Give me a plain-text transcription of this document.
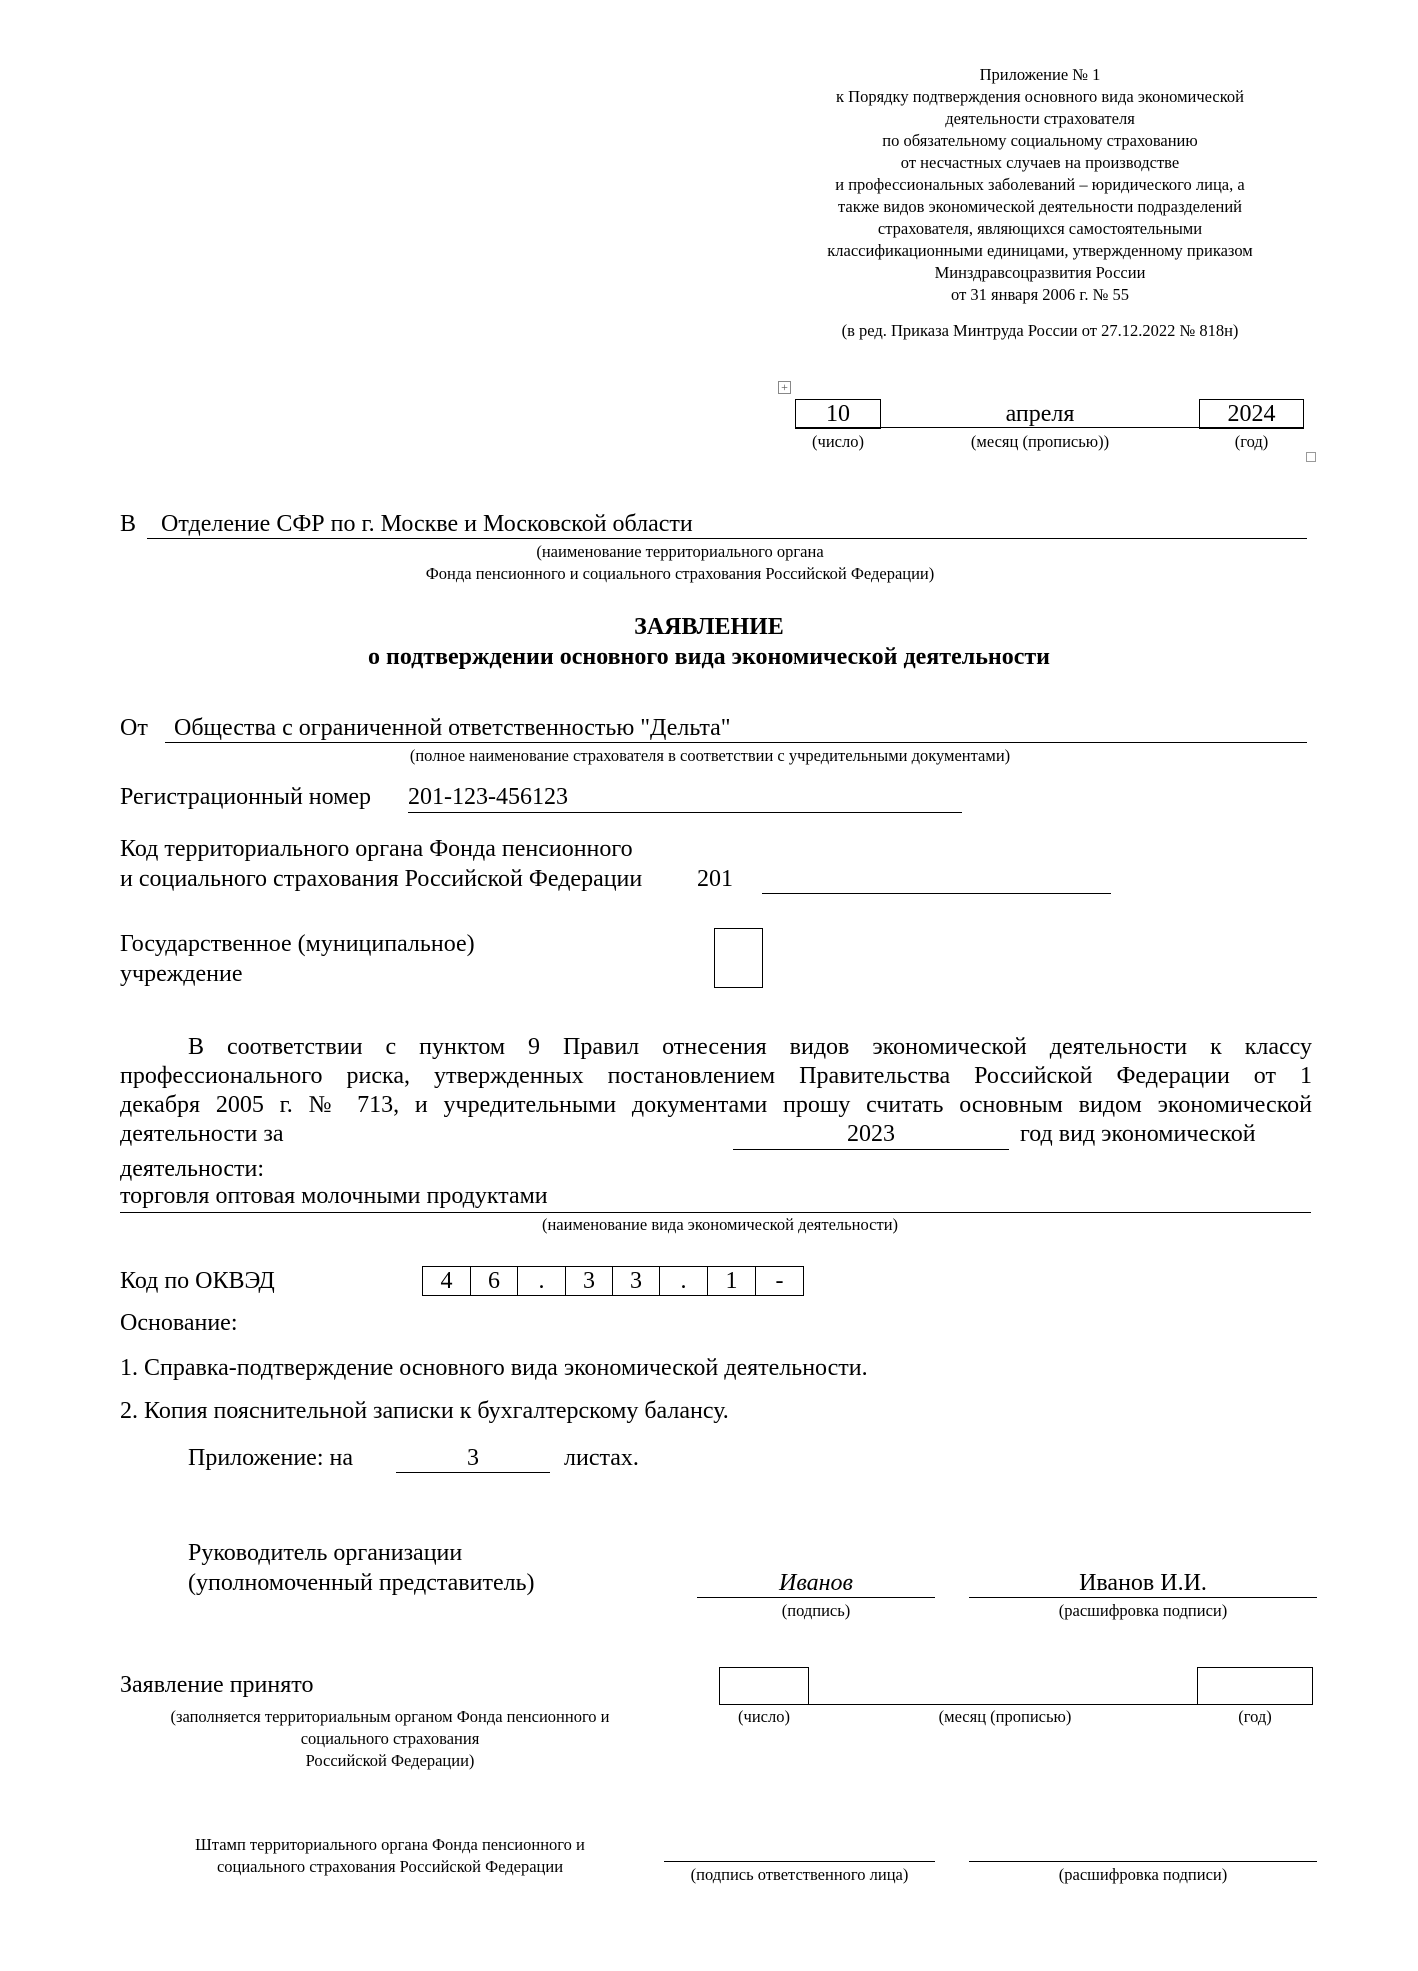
Приложение № 1
к Порядку подтверждения основного вида экономической
деятельности страхователя
по обязательному социальному страхованию
от несчастных случаев на производстве
и профессиональных заболеваний – юридического лица, а
также видов экономической деятельности подразделений
страхователя, являющихся самостоятельными
классификационными единицами, утвержденному приказом
Минздравсоцразвития России
от 31 января 2006 г. № 55
(в ред. Приказа Минтруда России от 27.12.2022 № 818н)
+
10	апреля	2024
(число)	(месяц (прописью))	(год)
В	Отделение СФР по г. Москве и Московской области
(наименование территориального органа
Фонда пенсионного и социального страхования Российской Федерации)
ЗАЯВЛЕНИЕ
о подтверждении основного вида экономической деятельности
От	Общества с ограниченной ответственностью "Дельта"
(полное наименование страхователя в соответствии с учредительными документами)
Регистрационный номер 201-123-456123
Код территориального органа Фонда пенсионного
и социального страхования Российской Федерации	201
Государственное (муниципальное)
учреждение
В соответствии с пунктом 9 Правил отнесения видов экономической деятельности к классу
профессионального риска, утвержденных постановлением Правительства Российской Федерации от 1
декабря 2005 г. № 713, и учредительными документами прошу считать основным видом экономической
деятельности за	2023	год вид экономической
деятельности:
торговля оптовая молочными продуктами
(наименование вида экономической деятельности)
Код по ОКВЭД	4	6	.	3	3	.	1	-
Основание:
1. Справка-подтверждение основного вида экономической деятельности.
2. Копия пояснительной записки к бухгалтерскому балансу.
Приложение: на	3	листах.
Руководитель организации
(уполномоченный представитель)	Иванов	Иванов И.И.
(подпись)	(расшифровка подписи)
Заявление принято
(заполняется территориальным органом Фонда пенсионного и
социального страхования
Российской Федерации)
(число)	(месяц (прописью)	(год)
Штамп территориального органа Фонда пенсионного и
социального страхования Российской Федерации	(подпись ответственного лица)	(расшифровка подписи)
